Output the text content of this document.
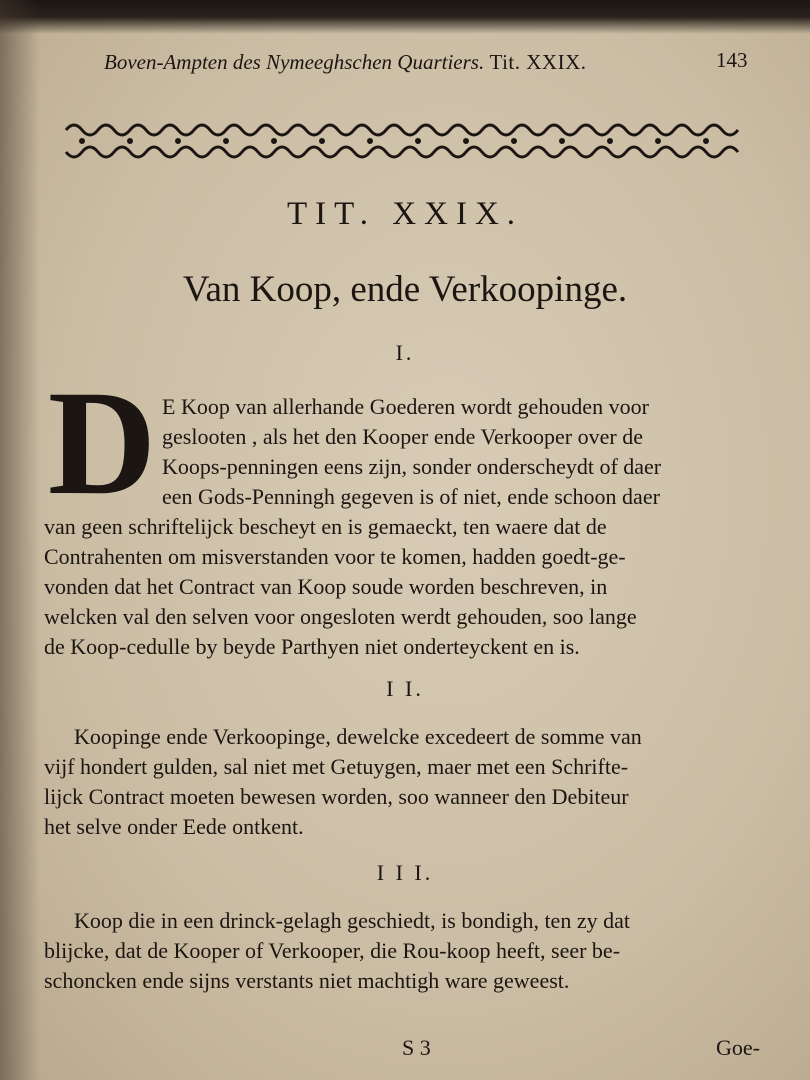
Boven-Ampten des Nymeeghschen Quartiers. Tit. XXIX.	143
TIT. XXIX.
Van Koop, ende Verkoopinge.
I.
D E Koop van allerhande Goederen wordt gehouden voor
geslooten , als het den Kooper ende Verkooper over de
Koops-penningen eens zijn, sonder onderscheydt of daer
een Gods-Penningh gegeven is of niet, ende schoon daer
van geen schriftelijck bescheyt en is gemaeckt, ten waere dat de
Contrahenten om misverstanden voor te komen, hadden goedt-ge-
vonden dat het Contract van Koop soude worden beschreven, in
welcken val den selven voor ongesloten werdt gehouden, soo lange
de Koop-cedulle by beyde Parthyen niet onderteyckent en is.
I I.
Koopinge ende Verkoopinge, dewelcke excedeert de somme van
vijf hondert gulden, sal niet met Getuygen, maer met een Schrifte-
lijck Contract moeten bewesen worden, soo wanneer den Debiteur
het selve onder Eede ontkent.
I I I.
Koop die in een drinck-gelagh geschiedt, is bondigh, ten zy dat
blijcke, dat de Kooper of Verkooper, die Rou-koop heeft, seer be-
schoncken ende sijns verstants niet machtigh ware geweest.
S 3	Goe-
